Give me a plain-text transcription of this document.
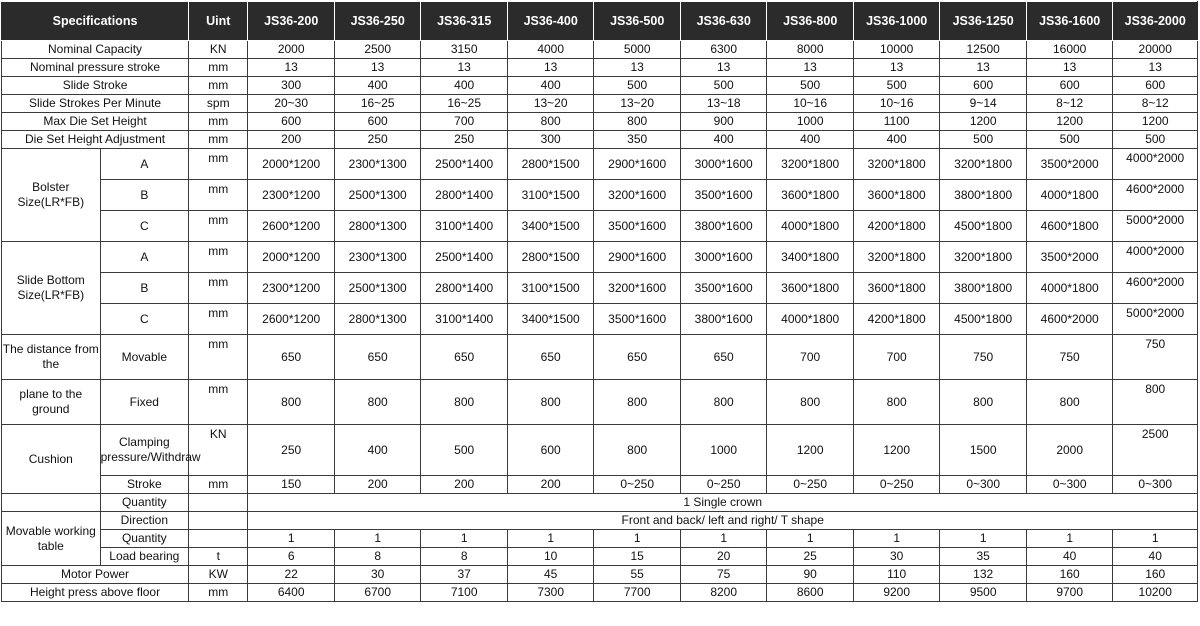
Specifications		Uint	JS36-200	JS36-250	JS36-315	JS36-400	JS36-500	JS36-630	JS36-800	JS36-1000	JS36-1250	JS36-1600	JS36-2000
Nominal Capacity		KN	2000	2500	3150	4000	5000	6300	8000	10000	12500	16000	20000
Nominal pressure stroke		mm	13	13	13	13	13	13	13	13	13	13	13
Slide Stroke		mm	300	400	400	400	500	500	500	500	600	600	600
Slide Strokes Per Minute		spm	20~30	16~25	16~25	13~20	13~20	13~18	10~16	10~16	9~14	8~12	8~12
Max Die Set Height		mm	600	600	700	800	800	900	1000	1100	1200	1200	1200
Die Set Height Adjustment		mm	200	250	250	300	350	400	400	400	500	500	500
Bolster Size(LR*FB)	A	mm	2000*1200	2300*1300	2500*1400	2800*1500	2900*1600	3000*1600	3200*1800	3200*1800	3200*1800	3500*2000	4000*2000
	B	mm	2300*1200	2500*1300	2800*1400	3100*1500	3200*1600	3500*1600	3600*1800	3600*1800	3800*1800	4000*1800	4600*2000
	C	mm	2600*1200	2800*1300	3100*1400	3400*1500	3500*1600	3800*1600	4000*1800	4200*1800	4500*1800	4600*1800	5000*2000
Slide Bottom Size(LR*FB)	A	mm	2000*1200	2300*1300	2500*1400	2800*1500	2900*1600	3000*1600	3400*1800	3200*1800	3200*1800	3500*2000	4000*2000
	B	mm	2300*1200	2500*1300	2800*1400	3100*1500	3200*1600	3500*1600	3600*1800	3600*1800	3800*1800	4000*1800	4600*2000
	C	mm	2600*1200	2800*1300	3100*1400	3400*1500	3500*1600	3800*1600	4000*1800	4200*1800	4500*1800	4600*2000	5000*2000
The distance from the	Movable	mm	650	650	650	650	650	650	700	700	750	750	750
plane to the ground	Fixed	mm	800	800	800	800	800	800	800	800	800	800	800
Cushion	Clamping pressure/Withdraw	KN	250	400	500	600	800	1000	1200	1200	1500	2000	2500
	Stroke	mm	150	200	200	200	0~250	0~250	0~250	0~250	0~300	0~300	0~300
	Quantity		1 Single crown										
Movable working table	Direction		Front and back/ left and right/ T shape										
	Quantity		1	1	1	1	1	1	1	1	1	1	1
	Load bearing	t	6	8	8	10	15	20	25	30	35	40	40
Motor Power		KW	22	30	37	45	55	75	90	110	132	160	160
Height press above floor		mm	6400	6700	7100	7300	7700	8200	8600	9200	9500	9700	10200
